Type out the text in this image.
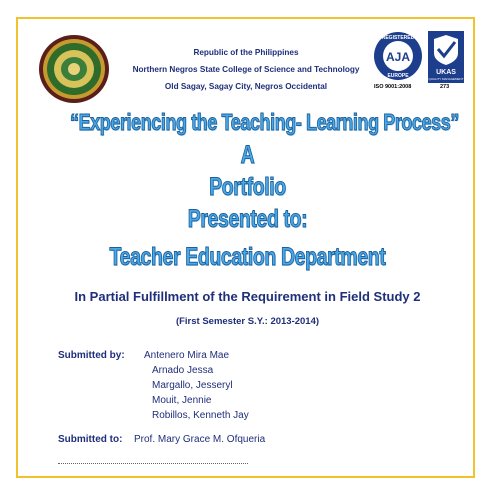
Republic of the Philippines
Northern Negros State College of Science and Technology
Old Sagay, Sagay City, Negros Occidental
AJA
REGISTERED
EUROPE	UKAS
QUALITY MANAGEMENT
ISO 9001:2008	273
“Experiencing the Teaching- Learning Process”
A
Portfolio
Presented to:
Teacher Education Department
In Partial Fulfillment of the Requirement in Field Study 2
(First Semester S.Y.: 2013-2014)
Submitted by: Antenero Mira Mae
Arnado Jessa
Margallo, Jesseryl
Mouit, Jennie
Robillos, Kenneth Jay
Submitted to: Prof. Mary Grace M. Ofqueria
